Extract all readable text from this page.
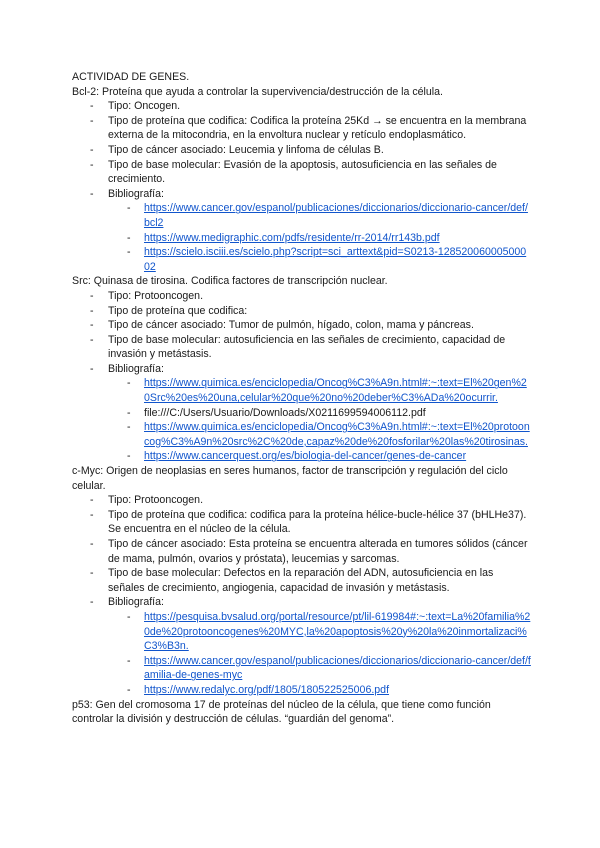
ACTIVIDAD DE GENES.

Bcl-2: Proteína que ayuda a controlar la supervivencia/destrucción de la célula.

- Tipo: Oncogen.
- Tipo de proteína que codifica: Codifica la proteína 25Kd → se encuentra en la membrana externa de la mitocondria, en la envoltura nuclear y retículo endoplasmático.
- Tipo de cáncer asociado: Leucemia y linfoma de células B.
- Tipo de base molecular: Evasión de la apoptosis, autosuficiencia en las señales de crecimiento.
- Bibliografía:
- https://www.cancer.gov/espanol/publicaciones/diccionarios/diccionario-cancer/def/bcl2
- https://www.medigraphic.com/pdfs/residente/rr-2014/rr143b.pdf
- https://scielo.isciii.es/scielo.php?script=sci_arttext&pid=S0213-12852006000500002

Src: Quinasa de tirosina. Codifica factores de transcripción nuclear.

- Tipo: Protooncogen.
- Tipo de proteína que codifica:
- Tipo de cáncer asociado: Tumor de pulmón, hígado, colon, mama y páncreas.
- Tipo de base molecular: autosuficiencia en las señales de crecimiento, capacidad de invasión y metástasis.
- Bibliografía:
- https://www.quimica.es/enciclopedia/Oncog%C3%A9n.html#:~:text=El%20gen%20Src%20es%20una,celular%20que%20no%20deber%C3%ADa%20ocurrir.
- file:///C:/Users/Usuario/Downloads/X0211699594006112.pdf
- https://www.quimica.es/enciclopedia/Oncog%C3%A9n.html#:~:text=El%20protooncog%C3%A9n%20src%2C%20de,capaz%20de%20fosforilar%20las%20tirosinas.
- https://www.cancerquest.org/es/biologia-del-cancer/genes-de-cancer

c-Myc: Origen de neoplasias en seres humanos, factor de transcripción y regulación del ciclo celular.

- Tipo: Protooncogen.
- Tipo de proteína que codifica: codifica para la proteína hélice-bucle-hélice 37 (bHLHe37). Se encuentra en el núcleo de la célula.
- Tipo de cáncer asociado: Esta proteína se encuentra alterada en tumores sólidos (cáncer de mama, pulmón, ovarios y próstata), leucemias y sarcomas.
- Tipo de base molecular: Defectos en la reparación del ADN, autosuficiencia en las señales de crecimiento, angiogenia, capacidad de invasión y metástasis.
- Bibliografía:
- https://pesquisa.bvsalud.org/portal/resource/pt/lil-619984#:~:text=La%20familia%20de%20protooncogenes%20MYC,la%20apoptosis%20y%20la%20inmortalizaci%C3%B3n.
- https://www.cancer.gov/espanol/publicaciones/diccionarios/diccionario-cancer/def/familia-de-genes-myc
- https://www.redalyc.org/pdf/1805/180522525006.pdf

p53: Gen del cromosoma 17 de proteínas del núcleo de la célula, que tiene como función controlar la división y destrucción de células. “guardián del genoma”.
